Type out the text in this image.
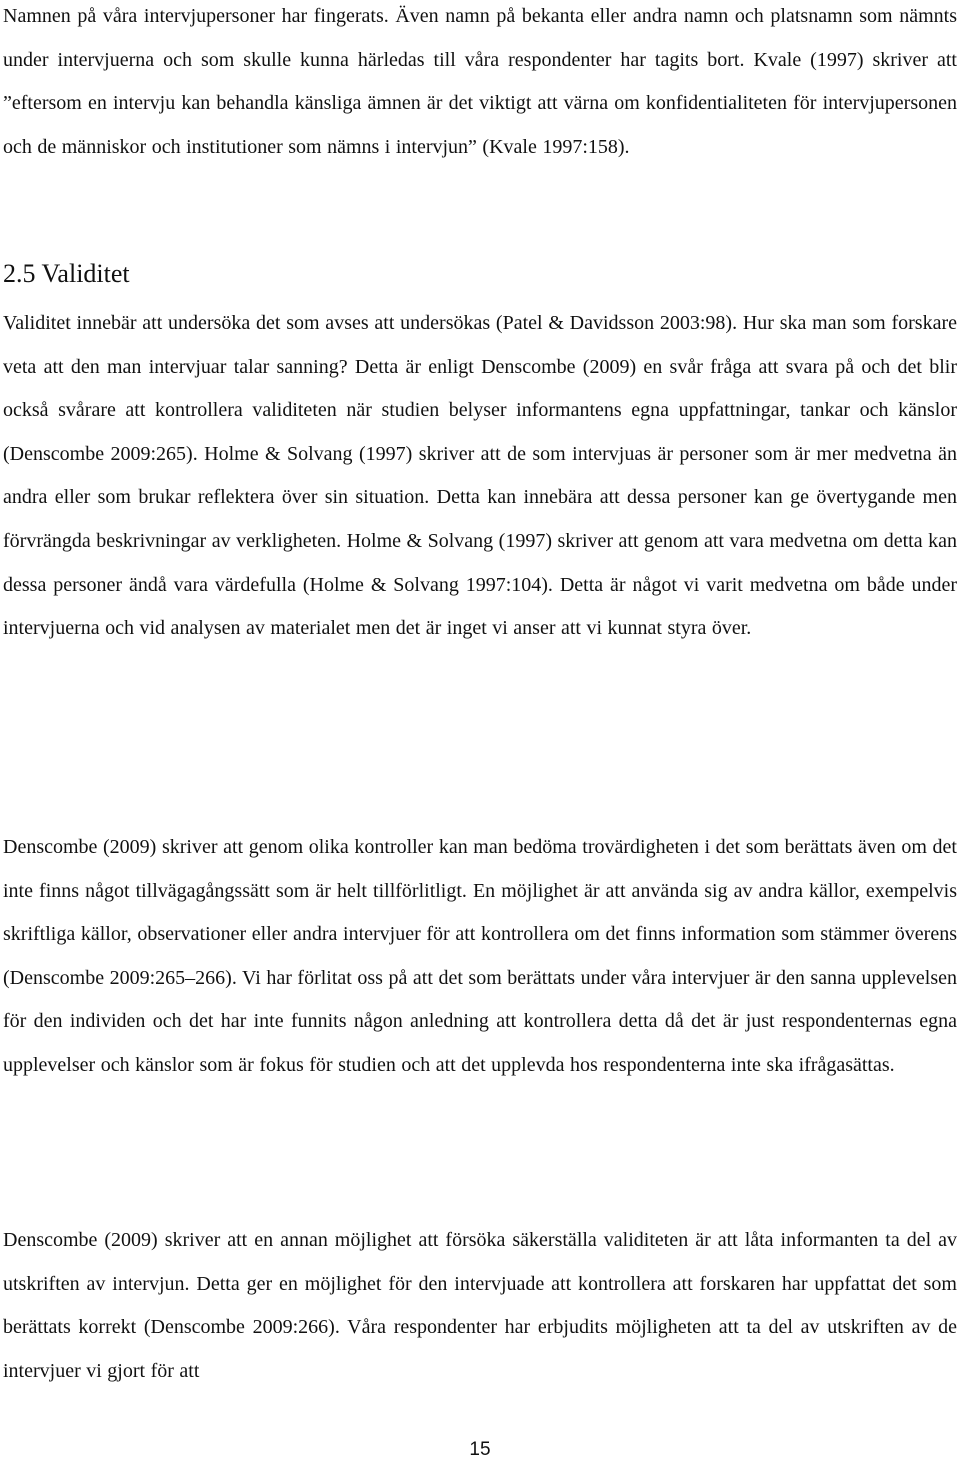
Namnen på våra intervjupersoner har fingerats. Även namn på bekanta eller andra namn och platsnamn som nämnts under intervjuerna och som skulle kunna härledas till våra respondenter har tagits bort. Kvale (1997) skriver att ”eftersom en intervju kan behandla känsliga ämnen är det viktigt att värna om konfidentialiteten för intervjupersonen och de människor och institutioner som nämns i intervjun” (Kvale 1997:158).

2.5 Validitet

Validitet innebär att undersöka det som avses att undersökas (Patel & Davidsson 2003:98). Hur ska man som forskare veta att den man intervjuar talar sanning? Detta är enligt Denscombe (2009) en svår fråga att svara på och det blir också svårare att kontrollera validiteten när studien belyser informantens egna uppfattningar, tankar och känslor (Denscombe 2009:265). Holme & Solvang (1997) skriver att de som intervjuas är personer som är mer medvetna än andra eller som brukar reflektera över sin situation. Detta kan innebära att dessa personer kan ge övertygande men förvrängda beskrivningar av verkligheten. Holme & Solvang (1997) skriver att genom att vara medvetna om detta kan dessa personer ändå vara värdefulla (Holme & Solvang 1997:104). Detta är något vi varit medvetna om både under intervjuerna och vid analysen av materialet men det är inget vi anser att vi kunnat styra över.

Denscombe (2009) skriver att genom olika kontroller kan man bedöma trovärdigheten i det som berättats även om det inte finns något tillvägagångssätt som är helt tillförlitligt. En möjlighet är att använda sig av andra källor, exempelvis skriftliga källor, observationer eller andra intervjuer för att kontrollera om det finns information som stämmer överens (Denscombe 2009:265–266). Vi har förlitat oss på att det som berättats under våra intervjuer är den sanna upplevelsen för den individen och det har inte funnits någon anledning att kontrollera detta då det är just respondenternas egna upplevelser och känslor som är fokus för studien och att det upplevda hos respondenterna inte ska ifrågasättas.

Denscombe (2009) skriver att en annan möjlighet att försöka säkerställa validiteten är att låta informanten ta del av utskriften av intervjun. Detta ger en möjlighet för den intervjuade att kontrollera att forskaren har uppfattat det som berättats korrekt (Denscombe 2009:266). Våra respondenter har erbjudits möjligheten att ta del av utskriften av de intervjuer vi gjort för att

15
